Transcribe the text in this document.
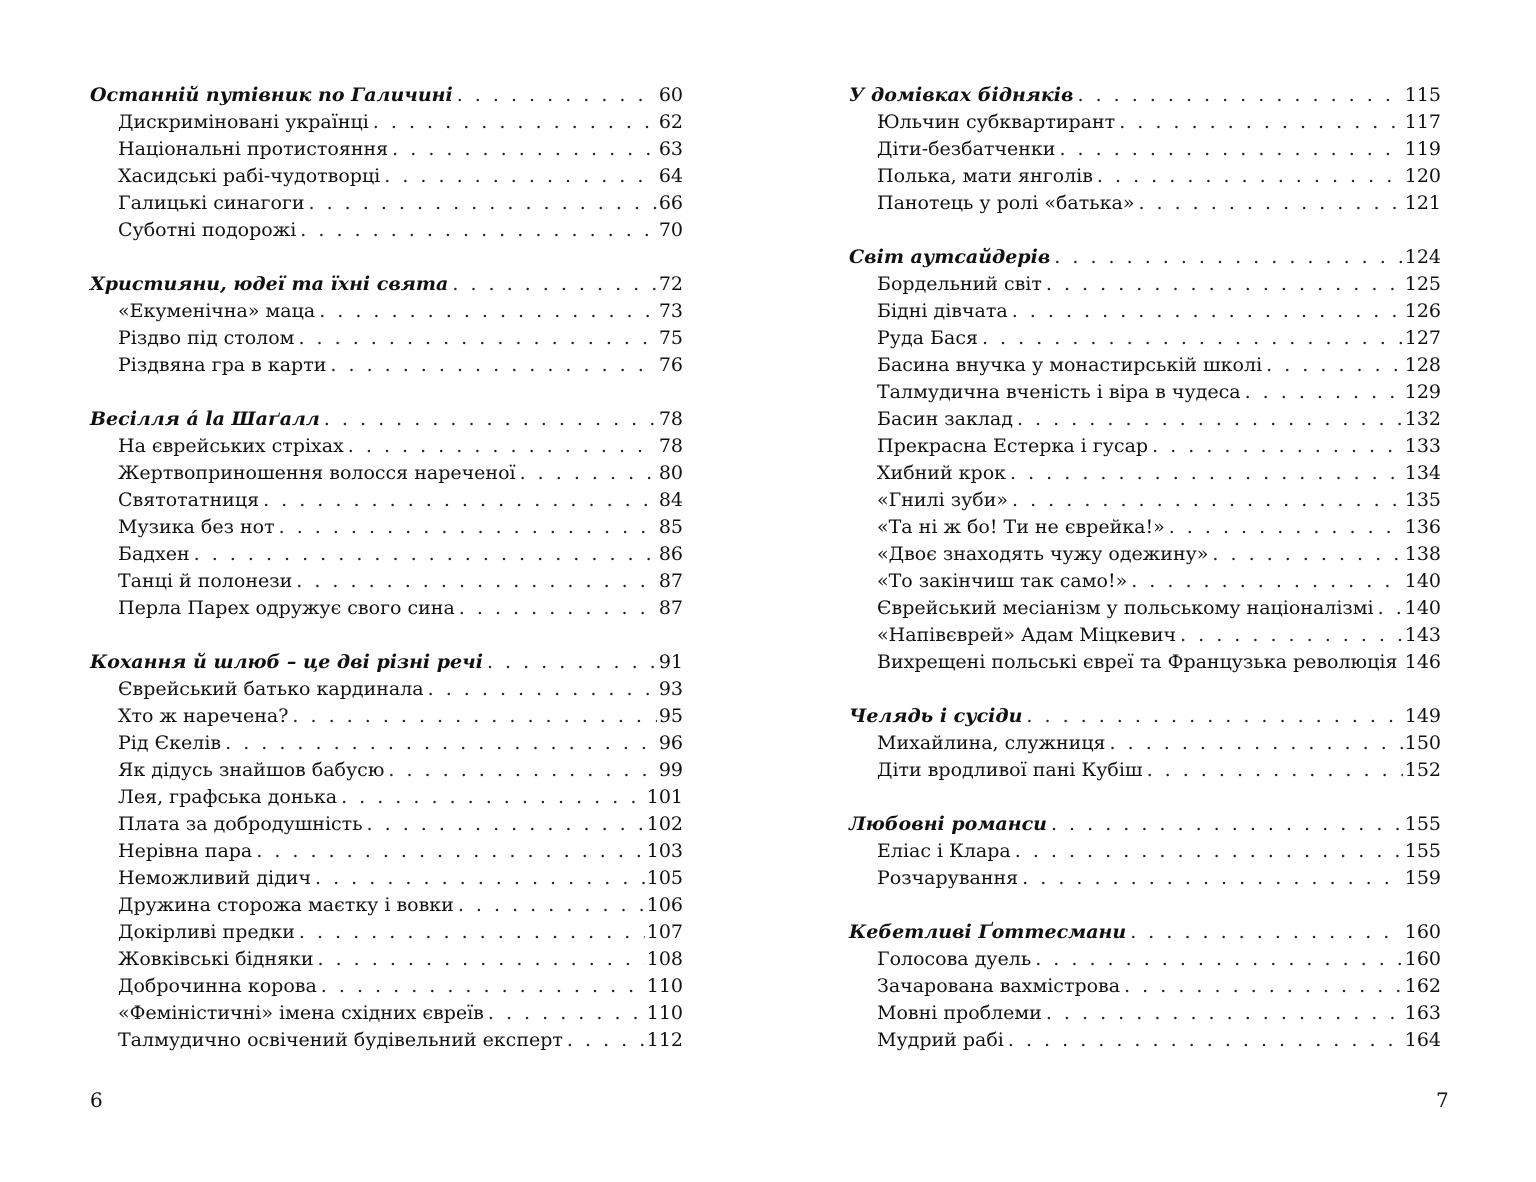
Останній путівник по Галичині . . .	60
Дискриміновані українці . . .	62
Національні протистояння . . .	63
Хасидські рабі-чудотворці . . .	64
Галицькі синагоги . . .	66
Суботні подорожі . . .	70
Християни, юдеї та їхні свята . . .	72
«Екуменічна» маца . . .	73
Різдво під столом . . .	75
Різдвяна гра в карти . . .	76
Весілля á la Шаґалл . . .	78
На єврейських стріхах . . .	78
Жертвоприношення волосся нареченої . . .	80
Святотатниця . . .	84
Музика без нот . . .	85
Бадхен . . .	86
Танці й полонези . . .	87
Перла Парех одружує свого сина . . .	87
Кохання й шлюб – це дві різні речі . . .	91
Єврейський батько кардинала . . .	93
Хто ж наречена? . . .	95
Рід Єкелів . . .	96
Як дідусь знайшов бабусю . . .	99
Лея, графська донька . . .	101
Плата за добродушність . . .	102
Нерівна пара . . .	103
Неможливий дідич . . .	105
Дружина сторожа маєтку і вовки . . .	106
Докірливі предки . . .	107
Жовківські бідняки . . .	108
Доброчинна корова . . .	110
«Феміністичні» імена східних євреїв . . .	110
Талмудично освічений будівельний експерт . . .	112
У домівках бідняків . . .	115
Юльчин субквартирант . . .	117
Діти-безбатченки . . .	119
Полька, мати янголів . . .	120
Панотець у ролі «батька» . . .	121
Світ аутсайдерів . . .	124
Бордельний світ . . .	125
Бідні дівчата . . .	126
Руда Бася . . .	127
Басина внучка у монастирській школі . . .	128
Талмудична вченість і віра в чудеса . . .	129
Басин заклад . . .	132
Прекрасна Естерка і гусар . . .	133
Хибний крок . . .	134
«Гнилі зуби» . . .	135
«Та ні ж бо! Ти не єврейка!» . . .	136
«Двоє знаходять чужу одежину» . . .	138
«То закінчиш так само!» . . .	140
Єврейський месіанізм у польському націоналізмі . . . 140
«Напівєврей» Адам Міцкевич . . .	143
Вихрещені польські євреї та Французька революція . . . 146
Челядь і сусіди . . .	149
Михайлина, служниця . . .	150
Діти вродливої пані Кубіш . . .	152
Любовні романси . . .	155
Еліас і Клара . . .	155
Розчарування . . .	159
Кебетливі Ґоттесмани . . .	160
Голосова дуель . . .	160
Зачарована вахмістрова . . .	162
Мовні проблеми . . .	163
Мудрий рабі . . .	164
6	7
